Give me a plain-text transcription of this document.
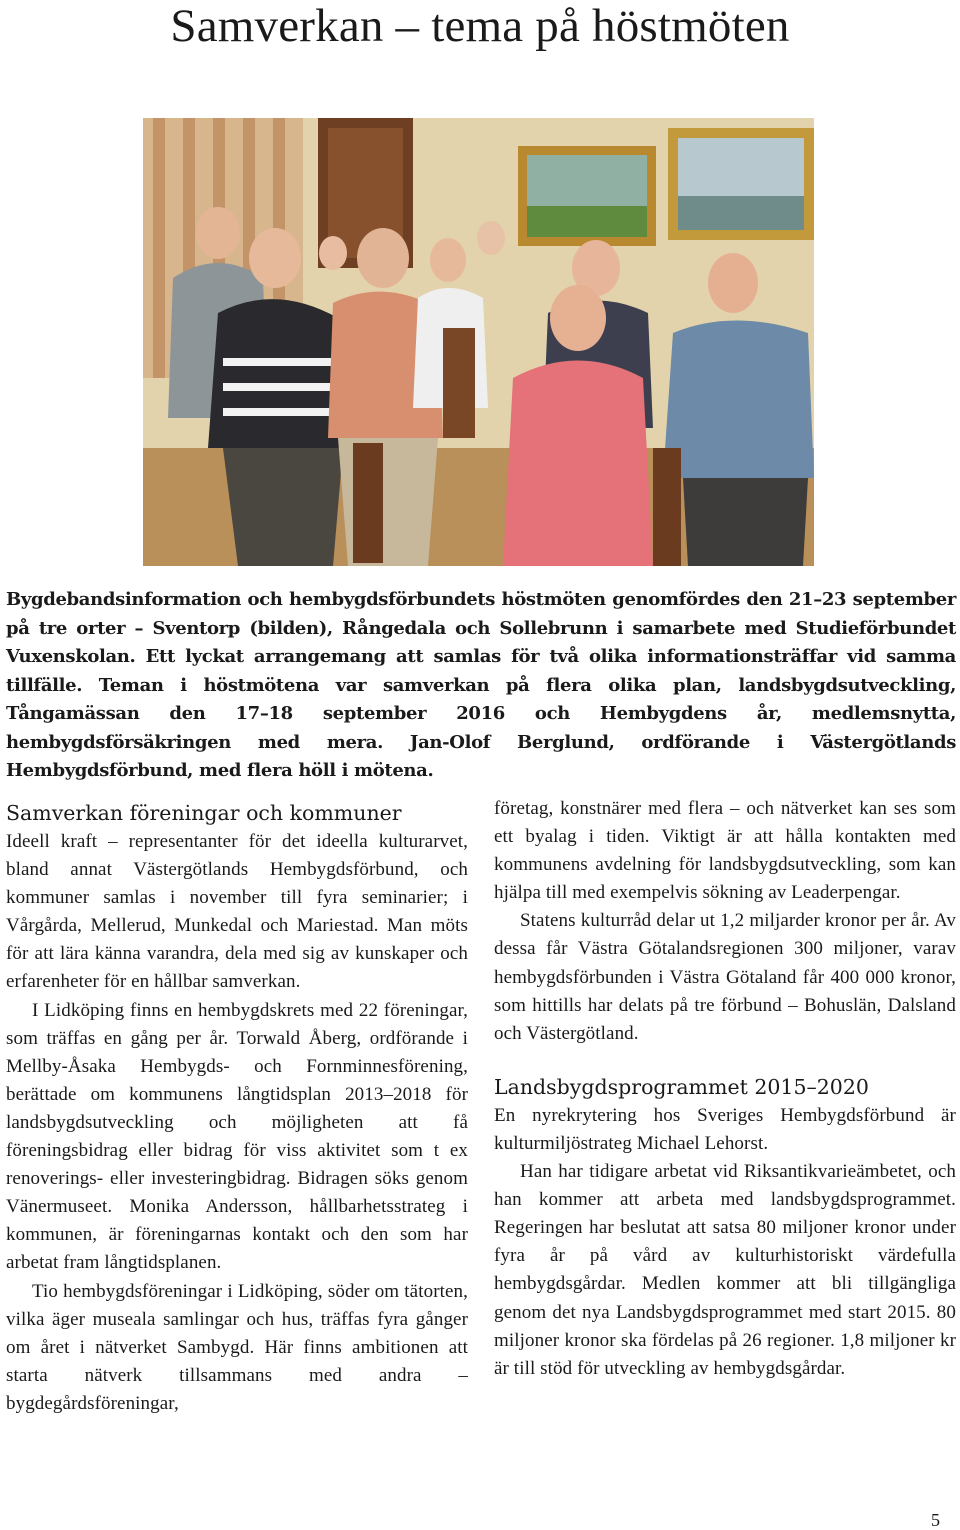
Samverkan – tema på höstmöten

Bygdebandsinformation och hembygdsförbundets höstmöten genomfördes den 21–23 september på tre orter – Sventorp (bilden), Rångedala och Sollebrunn i samarbete med Studieförbundet Vuxenskolan. Ett lyckat arrangemang att samlas för två olika informationsträffar vid samma tillfälle. Teman i höstmötena var samverkan på flera olika plan, landsbygdsutveckling, Tångamässan den 17–18 september 2016 och Hembygdens år, medlemsnytta, hembygdsförsäkringen med mera. Jan-Olof Berglund, ordförande i Västergötlands Hembygdsförbund, med flera höll i mötena.

Samverkan föreningar och kommuner

Ideell kraft – representanter för det ideella kulturarvet, bland annat Västergötlands Hembygdsförbund, och kommuner samlas i november till fyra seminarier; i Vårgårda, Mellerud, Munkedal och Mariestad. Man möts för att lära känna varandra, dela med sig av kunskaper och erfarenheter för en hållbar samverkan.

I Lidköping finns en hembygdskrets med 22 föreningar, som träffas en gång per år. Torwald Åberg, ordförande i Mellby-Åsaka Hembygds- och Fornminnesförening, berättade om kommunens långtidsplan 2013–2018 för landsbygdsutveckling och möjligheten att få föreningsbidrag eller bidrag för viss aktivitet som t ex renoverings- eller investeringbidrag. Bidragen söks genom Vänermuseet. Monika Andersson, hållbarhetsstrateg i kommunen, är föreningarnas kontakt och den som har arbetat fram långtidsplanen.

Tio hembygdsföreningar i Lidköping, söder om tätorten, vilka äger museala samlingar och hus, träffas fyra gånger om året i nätverket Sambygd. Här finns ambitionen att starta nätverk tillsammans med andra – bygdegårdsföreningar,

företag, konstnärer med flera – och nätverket kan ses som ett byalag i tiden. Viktigt är att hålla kontakten med kommunens avdelning för landsbygdsutveckling, som kan hjälpa till med exempelvis sökning av Leaderpengar.

Statens kulturråd delar ut 1,2 miljarder kronor per år. Av dessa får Västra Götalandsregionen 300 miljoner, varav hembygdsförbunden i Västra Götaland får 400 000 kronor, som hittills har delats på tre förbund – Bohuslän, Dalsland och Västergötland.

Landsbygdsprogrammet 2015–2020

En nyrekrytering hos Sveriges Hembygdsförbund är kulturmiljöstrateg Michael Lehorst.

Han har tidigare arbetat vid Riksantikvarieämbetet, och han kommer att arbeta med landsbygdsprogrammet. Regeringen har beslutat att satsa 80 miljoner kronor under fyra år på vård av kulturhistoriskt värdefulla hembygdsgårdar. Medlen kommer att bli tillgängliga genom det nya Landsbygdsprogrammet med start 2015. 80 miljoner kronor ska fördelas på 26 regioner. 1,8 miljoner kr är till stöd för utveckling av hembygdsgårdar.

5
